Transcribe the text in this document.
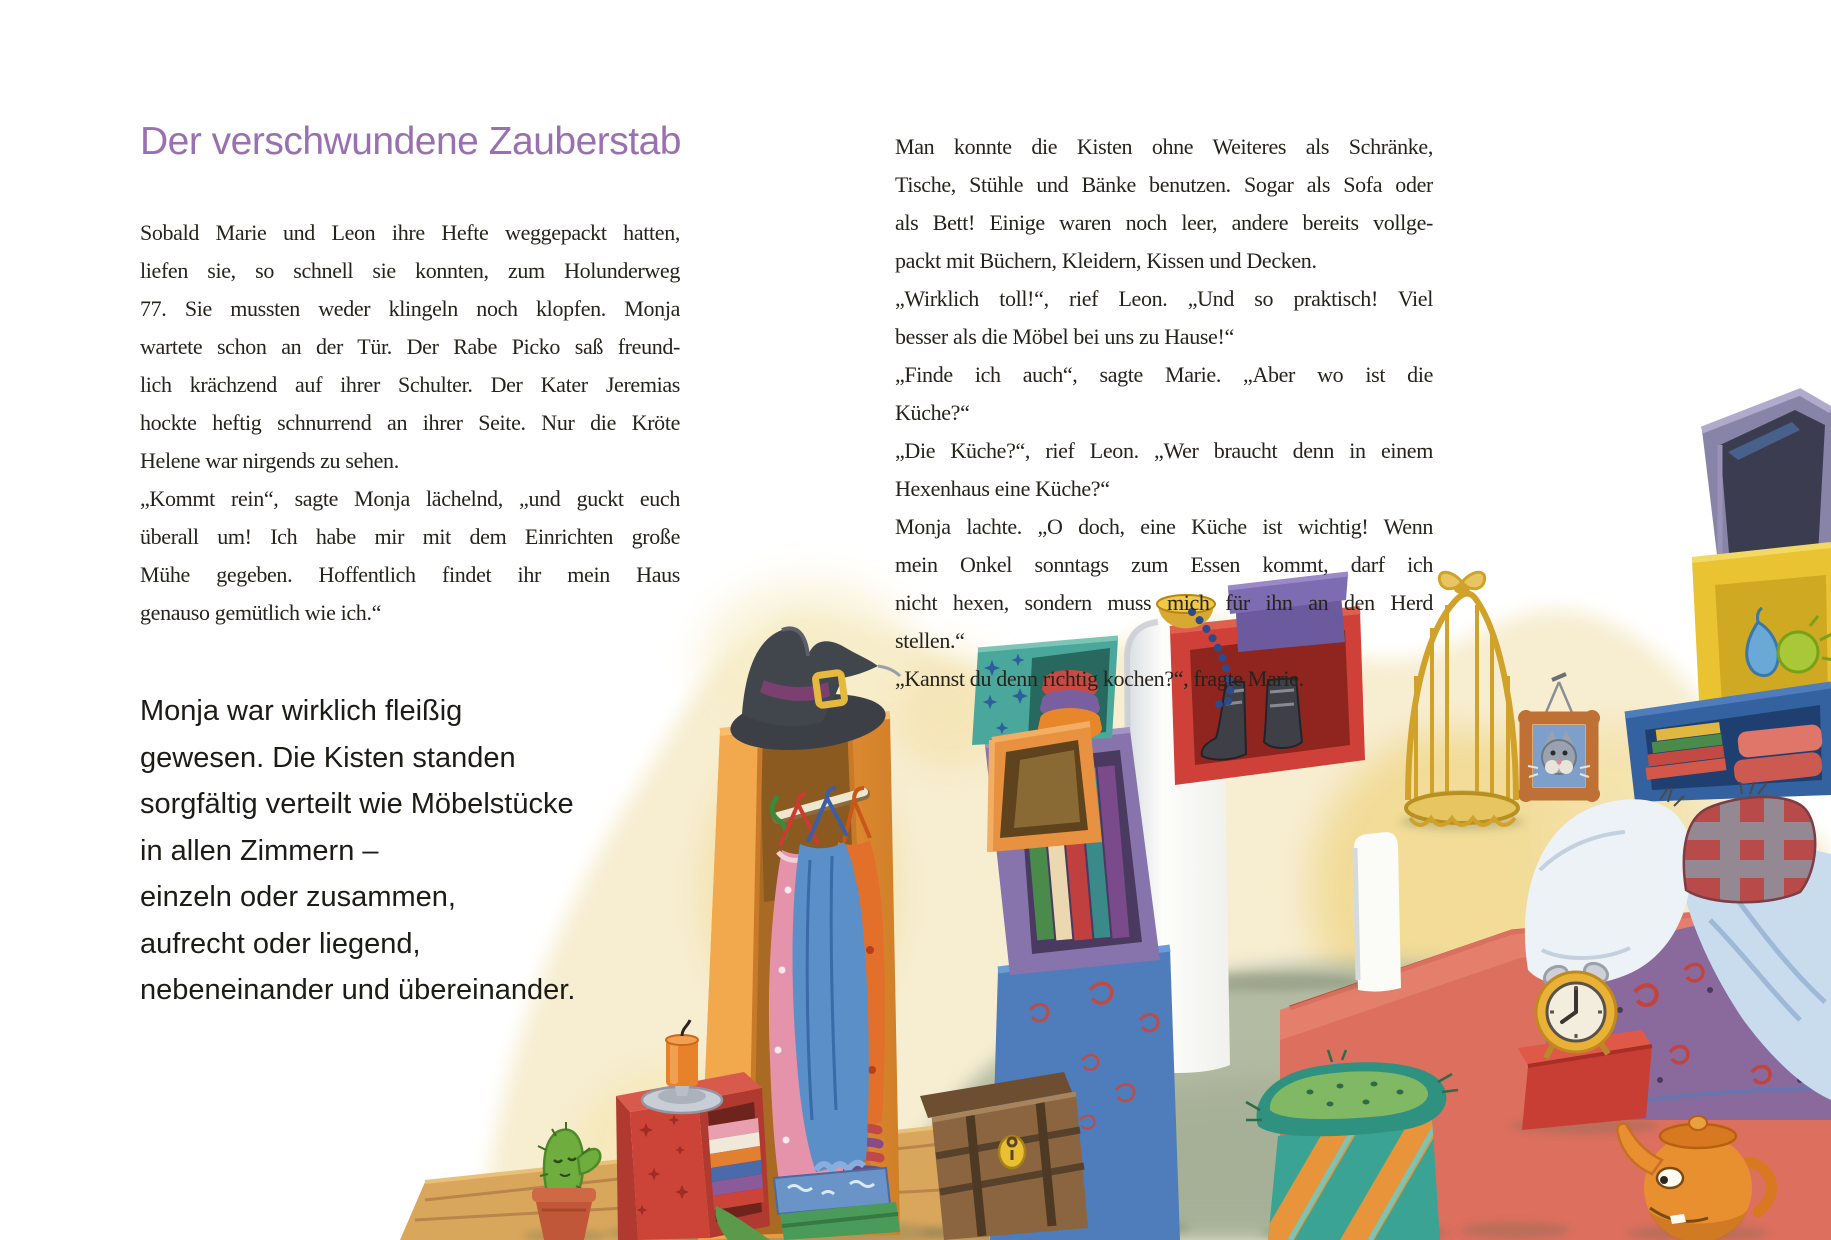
Der verschwundene Zauberstab
Sobald Marie und Leon ihre Hefte weggepackt hatten,
liefen sie, so schnell sie konnten, zum Holunderweg
77. Sie mussten weder klingeln noch klopfen. Monja
wartete schon an der Tür. Der Rabe Picko saß freund-
lich krächzend auf ihrer Schulter. Der Kater Jeremias
hockte heftig schnurrend an ihrer Seite. Nur die Kröte
Helene war nirgends zu sehen.
„Kommt rein“, sagte Monja lächelnd, „und guckt euch
überall um! Ich habe mir mit dem Einrichten große
Mühe gegeben. Hoffentlich findet ihr mein Haus
genauso gemütlich wie ich.“
Monja war wirklich fleißig
gewesen. Die Kisten standen
sorgfältig verteilt wie Möbelstücke
in allen Zimmern –
einzeln oder zusammen,
aufrecht oder liegend,
nebeneinander und übereinander.
Man konnte die Kisten ohne Weiteres als Schränke,
Tische, Stühle und Bänke benutzen. Sogar als Sofa oder
als Bett! Einige waren noch leer, andere bereits vollge-
packt mit Büchern, Kleidern, Kissen und Decken.
„Wirklich toll!“, rief Leon. „Und so praktisch! Viel
besser als die Möbel bei uns zu Hause!“
„Finde ich auch“, sagte Marie. „Aber wo ist die
Küche?“
„Die Küche?“, rief Leon. „Wer braucht denn in einem
Hexenhaus eine Küche?“
Monja lachte. „O doch, eine Küche ist wichtig! Wenn
mein Onkel sonntags zum Essen kommt, darf ich
nicht hexen, sondern muss mich für ihn an den Herd
stellen.“
„Kannst du denn richtig kochen?“, fragte Marie.
